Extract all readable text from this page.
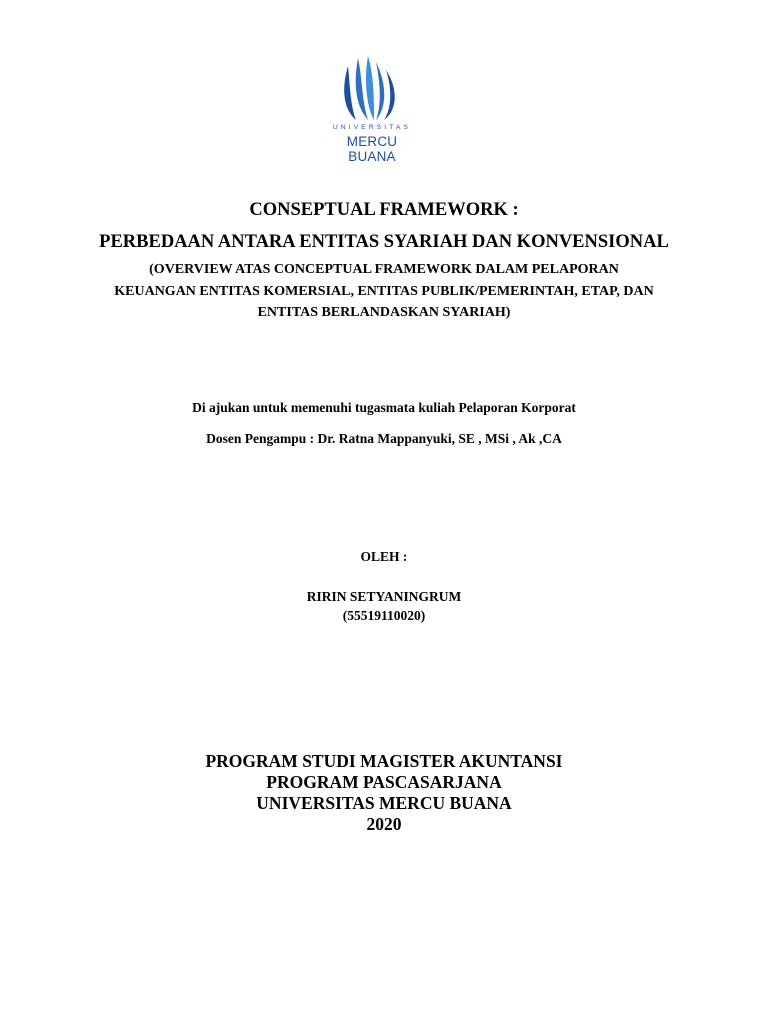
UNIVERSITAS
MERCU BUANA
CONSEPTUAL FRAMEWORK :
PERBEDAAN ANTARA ENTITAS SYARIAH DAN KONVENSIONAL
(OVERVIEW ATAS CONCEPTUAL FRAMEWORK DALAM PELAPORAN
KEUANGAN ENTITAS KOMERSIAL, ENTITAS PUBLIK/PEMERINTAH, ETAP, DAN
ENTITAS BERLANDASKAN SYARIAH)
Di ajukan untuk memenuhi tugasmata kuliah Pelaporan Korporat
Dosen Pengampu : Dr. Ratna Mappanyuki, SE , MSi , Ak ,CA
OLEH :
RIRIN SETYANINGRUM
(55519110020)
PROGRAM STUDI MAGISTER AKUNTANSI
PROGRAM PASCASARJANA
UNIVERSITAS MERCU BUANA
2020
